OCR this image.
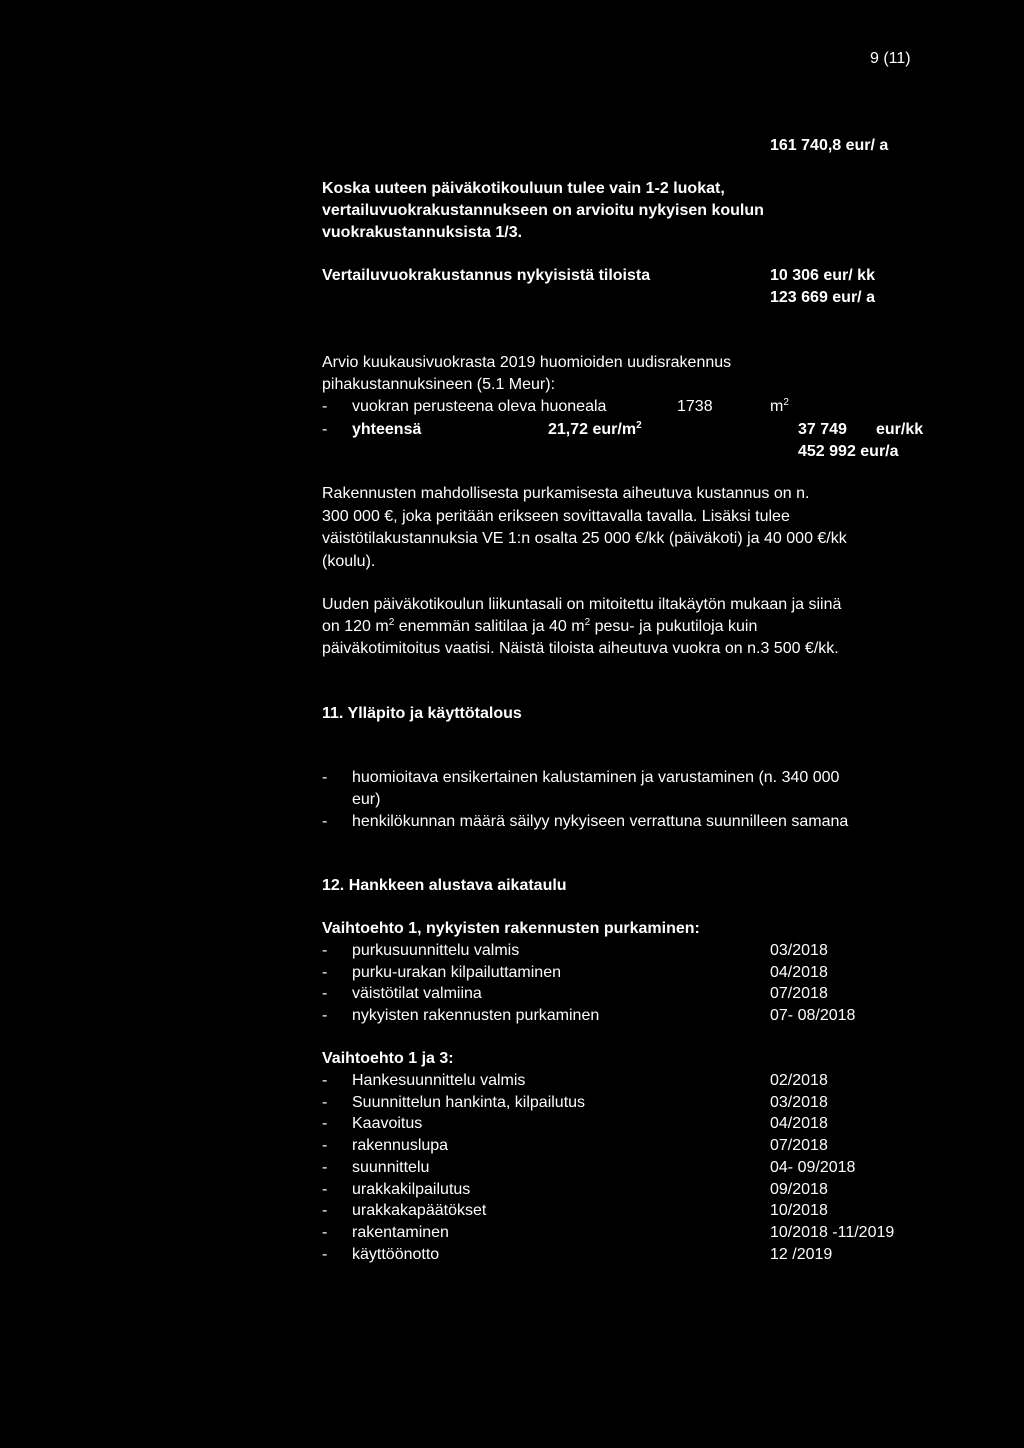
9 (11)
161 740,8 eur/ a
Koska uuteen päiväkotikouluun tulee vain 1-2 luokat,
vertailuvuokrakustannukseen on arvioitu nykyisen koulun
vuokrakustannuksista 1/3.
Vertailuvuokrakustannus nykyisistä tiloista	10 306 eur/ kk
123 669 eur/ a
Arvio kuukausivuokrasta 2019 huomioiden uudisrakennus
pihakustannuksineen (5.1 Meur):
- vuokran perusteena oleva huoneala	1738	$m^2$
- yhteensä	21,72 eur/$m^2$	37 749 eur/kk
452 992 eur/a
Rakennusten mahdollisesta purkamisesta aiheutuva kustannus on n.
300 000 €, joka peritään erikseen sovittavalla tavalla. Lisäksi tulee
väistötilakustannuksia VE 1:n osalta 25 000 €/kk (päiväkoti) ja 40 000 €/kk
(koulu).
Uuden päiväkotikoulun liikuntasali on mitoitettu iltakäytön mukaan ja siinä
on 120 $m^2$ enemmän salitilaa ja 40 $m^2$ pesu- ja pukutiloja kuin
päiväkotimitoitus vaatisi. Näistä tiloista aiheutuva vuokra on n.3 500 €/kk.
11. Ylläpito ja käyttötalous
- huomioitava ensikertainen kalustaminen ja varustaminen (n. 340 000
eur)
- henkilökunnan määrä säilyy nykyiseen verrattuna suunnilleen samana
12. Hankkeen alustava aikataulu
Vaihtoehto 1, nykyisten rakennusten purkaminen:
- purkusuunnittelu valmis	03/2018
- purku-urakan kilpailuttaminen	04/2018
- väistötilat valmiina	07/2018
- nykyisten rakennusten purkaminen	07- 08/2018
Vaihtoehto 1 ja 3:
- Hankesuunnittelu valmis	02/2018
- Suunnittelun hankinta, kilpailutus	03/2018
- Kaavoitus	04/2018
- rakennuslupa	07/2018
- suunnittelu	04- 09/2018
- urakkakilpailutus	09/2018
- urakkakapäätökset	10/2018
- rakentaminen	10/2018 -11/2019
- käyttöönotto	12 /2019
